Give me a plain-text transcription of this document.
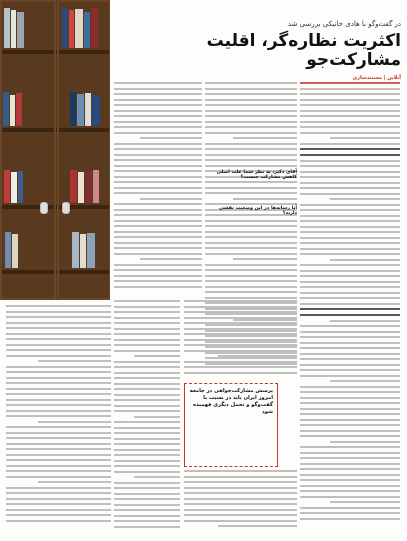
در گفت‌وگو با هادی خانیکی بررسی شد
اکثریت نظاره‌گر، اقلیت مشارکت‌جو
آنلاین | مستندسازی
آقای دکتر، به نظر شما علت اصلی کاهش مشارکت چیست؟
آیا رسانه‌ها در این وضعیت نقشی دارند؟
پرسش مشارکت‌خواهی در جامعه امروز ایران باید در نسبت با گفت‌وگو و تحمل دیگری فهمیده شود
